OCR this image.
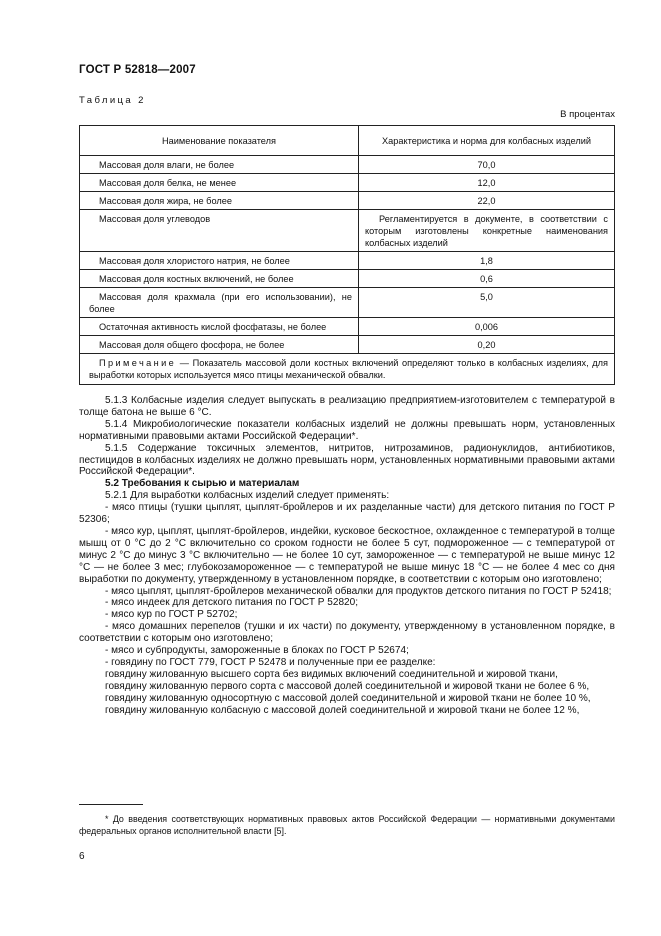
ГОСТ Р 52818—2007
Таблица 2
В процентах
Наименование показателя	Характеристика и норма для колбасных изделий

Массовая доля влаги, не более	70,0

Массовая доля белка, не менее	12,0

Массовая доля жира, не более	22,0

Массовая доля углеводов	Регламентируется в документе, в соответствии с которым изготовлены конкретные наименования колбасных изделий

Массовая доля хлористого натрия, не более	1,8

Массовая доля костных включений, не более	0,6

Массовая доля крахмала (при его использовании), не более	5,0

Остаточная активность кислой фосфатазы, не более	0,006

Массовая доля общего фосфора, не более	0,20
Примечание — Показатель массовой доли костных включений определяют только в колбасных изделиях, для выработки которых используется мясо птицы механической обвалки.	

5.1.3 Колбасные изделия следует выпускать в реализацию предприятием-изготовителем с температурой в толще батона не выше 6 °С.

5.1.4 Микробиологические показатели колбасных изделий не должны превышать норм, установленных нормативными правовыми актами Российской Федерации*.

5.1.5 Содержание токсичных элементов, нитритов, нитрозаминов, радионуклидов, антибиотиков, пестицидов в колбасных изделиях не должно превышать норм, установленных нормативными правовыми актами Российской Федерации*.

5.2 Требования к сырью и материалам

5.2.1 Для выработки колбасных изделий следует применять:

- мясо птицы (тушки цыплят, цыплят-бройлеров и их разделанные части) для детского питания по ГОСТ Р 52306;

- мясо кур, цыплят, цыплят-бройлеров, индейки, кусковое бескостное, охлажденное с температурой в толще мышц от 0 °С до 2 °С включительно со сроком годности не более 5 сут, подмороженное — с температурой от минус 2 °С до минус 3 °С включительно — не более 10 сут, замороженное — с температурой не выше минус 12 °С — не более 3 мес; глубокозамороженное — с температурой не выше минус 18 °С — не более 4 мес со дня выработки по документу, утвержденному в установленном порядке, в соответствии с которым оно изготовлено;

- мясо цыплят, цыплят-бройлеров механической обвалки для продуктов детского питания по ГОСТ Р 52418;

- мясо индеек для детского питания по ГОСТ Р 52820;

- мясо кур по ГОСТ Р 52702;

- мясо домашних перепелов (тушки и их части) по документу, утвержденному в установленном порядке, в соответствии с которым оно изготовлено;

- мясо и субпродукты, замороженные в блоках по ГОСТ Р 52674;

- говядину по ГОСТ 779, ГОСТ Р 52478 и полученные при ее разделке:

говядину жилованную высшего сорта без видимых включений соединительной и жировой ткани,

говядину жилованную первого сорта с массовой долей соединительной и жировой ткани не более 6 %,

говядину жилованную односортную с массовой долей соединительной и жировой ткани не более 10 %,

говядину жилованную колбасную с массовой долей соединительной и жировой ткани не более 12 %,

* До введения соответствующих нормативных правовых актов Российской Федерации — нормативными документами федеральных органов исполнительной власти [5].

6
